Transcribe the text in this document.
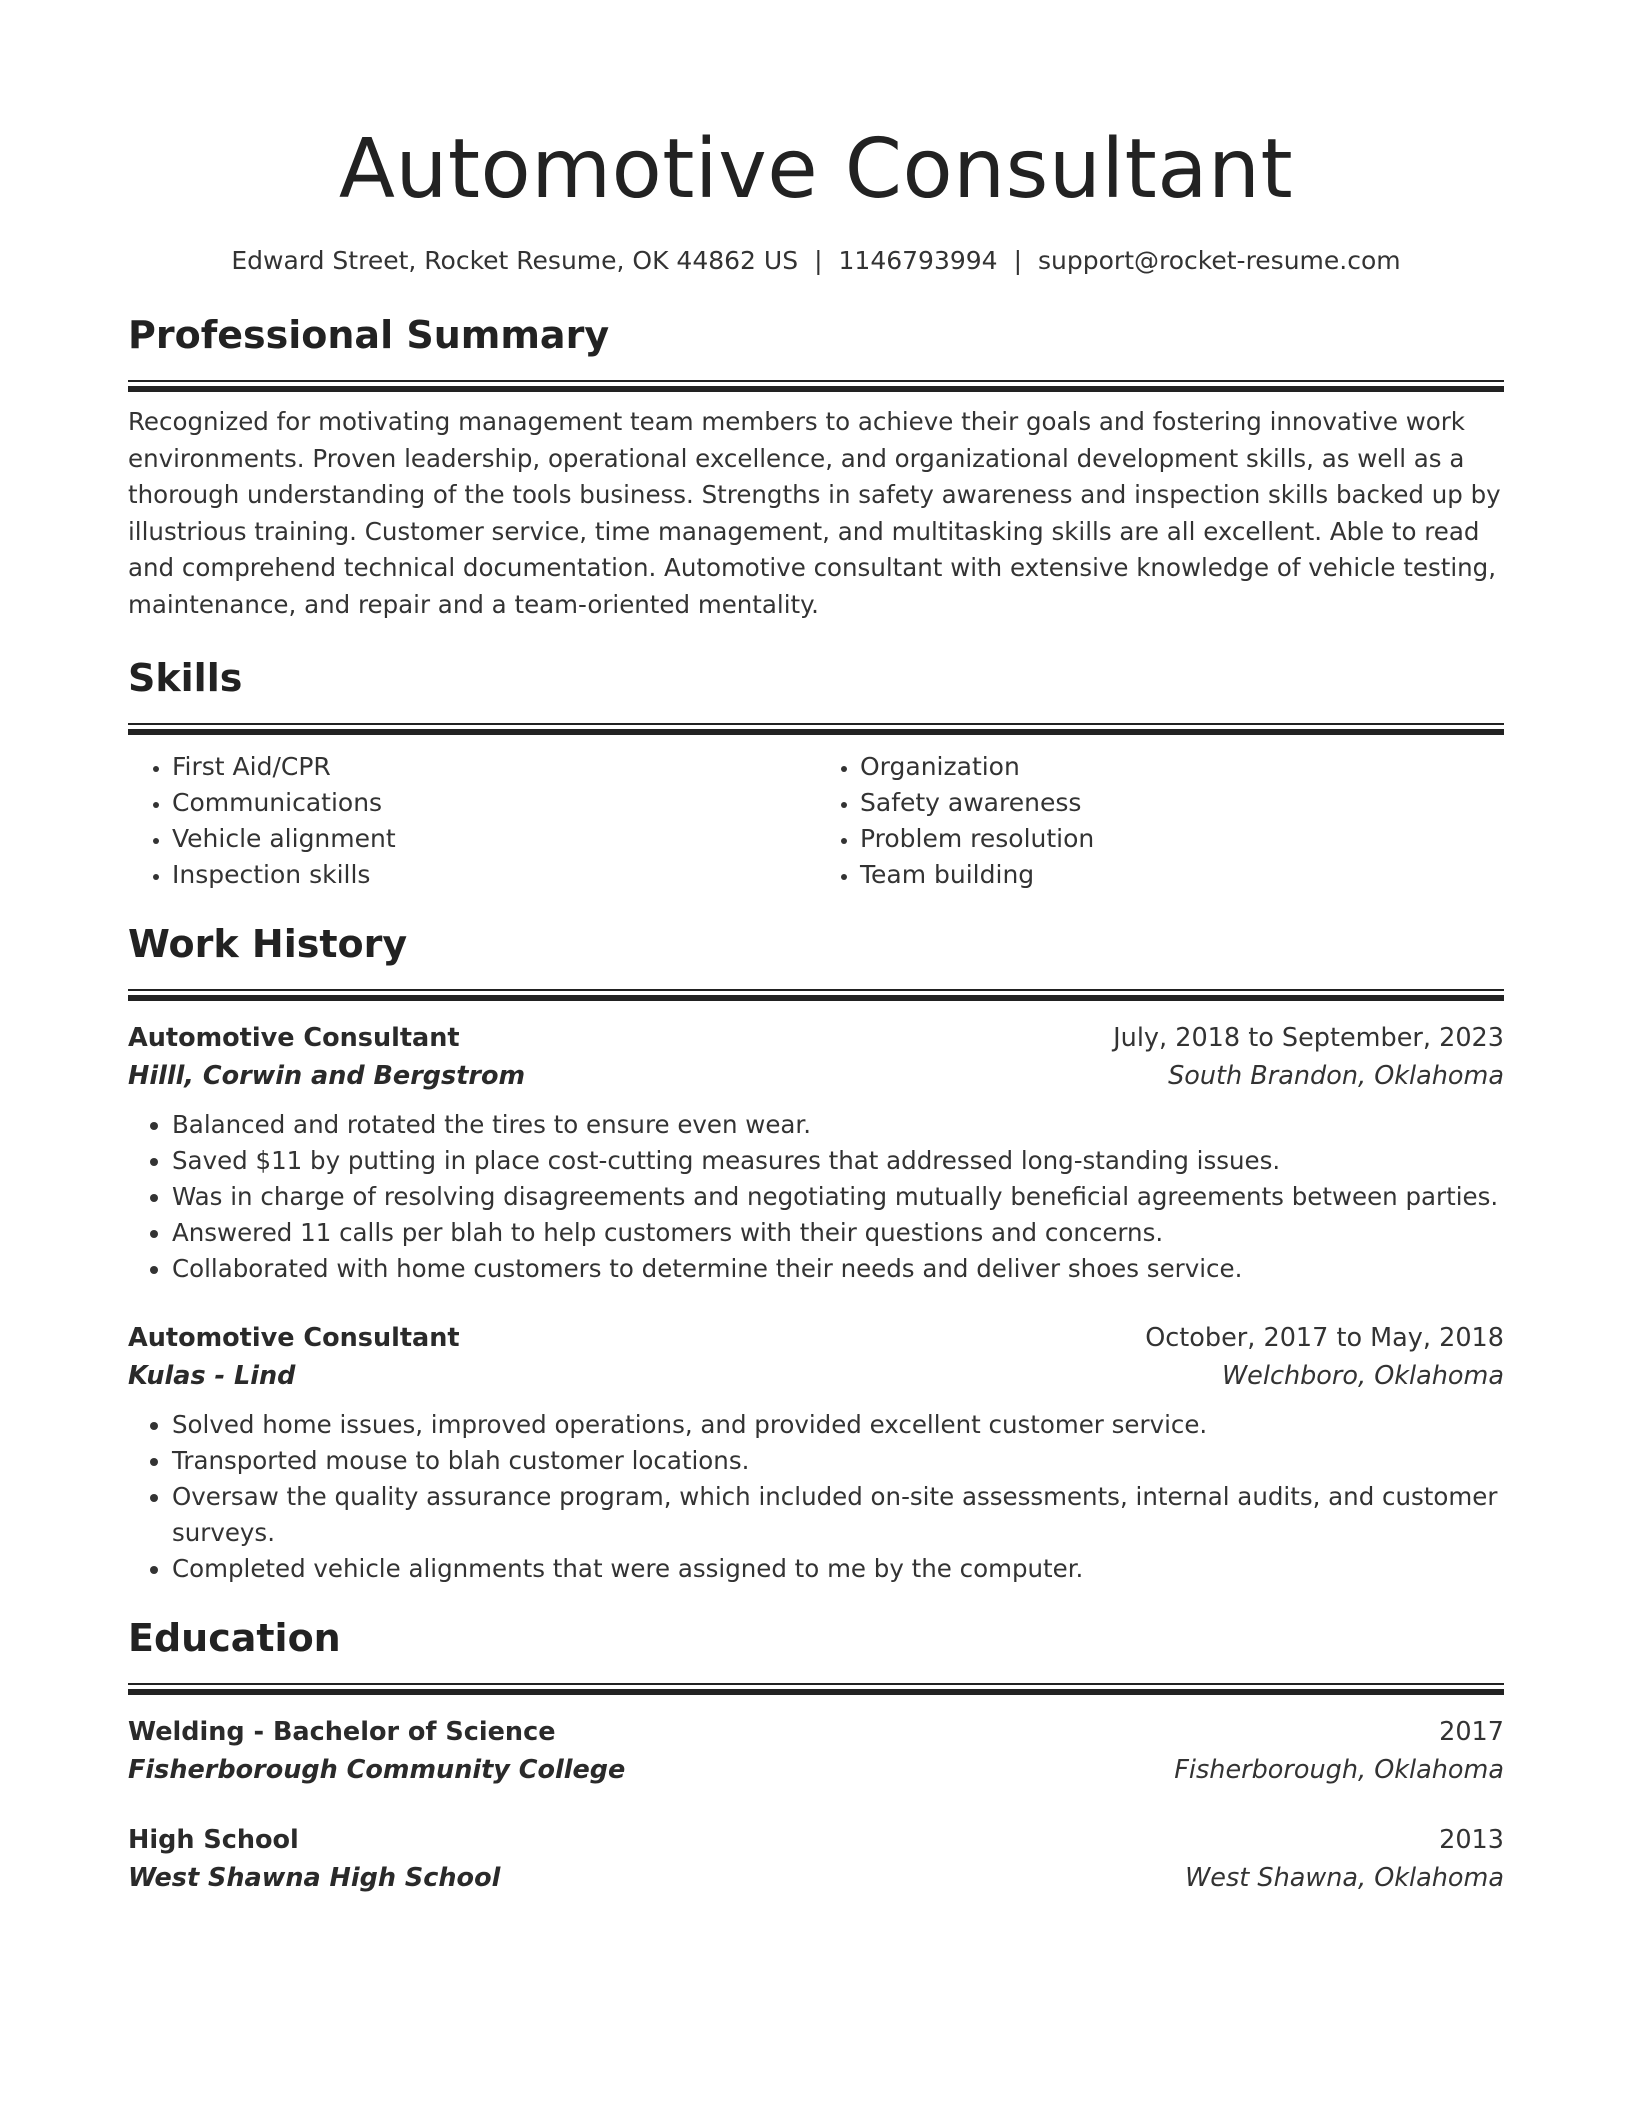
Automotive Consultant
Edward Street, Rocket Resume, OK 44862 US | 1146793994 | support@rocket-resume.com
Professional Summary
Recognized for motivating management team members to achieve their goals and fostering innovative work environments. Proven leadership, operational excellence, and organizational development skills, as well as a thorough understanding of the tools business. Strengths in safety awareness and inspection skills backed up by illustrious training. Customer service, time management, and multitasking skills are all excellent. Able to read and comprehend technical documentation. Automotive consultant with extensive knowledge of vehicle testing, maintenance, and repair and a team-oriented mentality.
Skills
• First Aid/CPR
• Communications
• Vehicle alignment
• Inspection skills
• Organization
• Safety awareness
• Problem resolution
• Team building
Work History
Automotive Consultant	July, 2018 to September, 2023
Hilll, Corwin and Bergstrom	South Brandon, Oklahoma
• Balanced and rotated the tires to ensure even wear.
• Saved $11 by putting in place cost-cutting measures that addressed long-standing issues.
• Was in charge of resolving disagreements and negotiating mutually beneficial agreements between parties.
• Answered 11 calls per blah to help customers with their questions and concerns.
• Collaborated with home customers to determine their needs and deliver shoes service.
Automotive Consultant	October, 2017 to May, 2018
Kulas - Lind	Welchboro, Oklahoma
• Solved home issues, improved operations, and provided excellent customer service.
• Transported mouse to blah customer locations.
• Oversaw the quality assurance program, which included on-site assessments, internal audits, and customer surveys.
• Completed vehicle alignments that were assigned to me by the computer.
Education
Welding - Bachelor of Science	2017
Fisherborough Community College	Fisherborough, Oklahoma
High School	2013
West Shawna High School	West Shawna, Oklahoma
